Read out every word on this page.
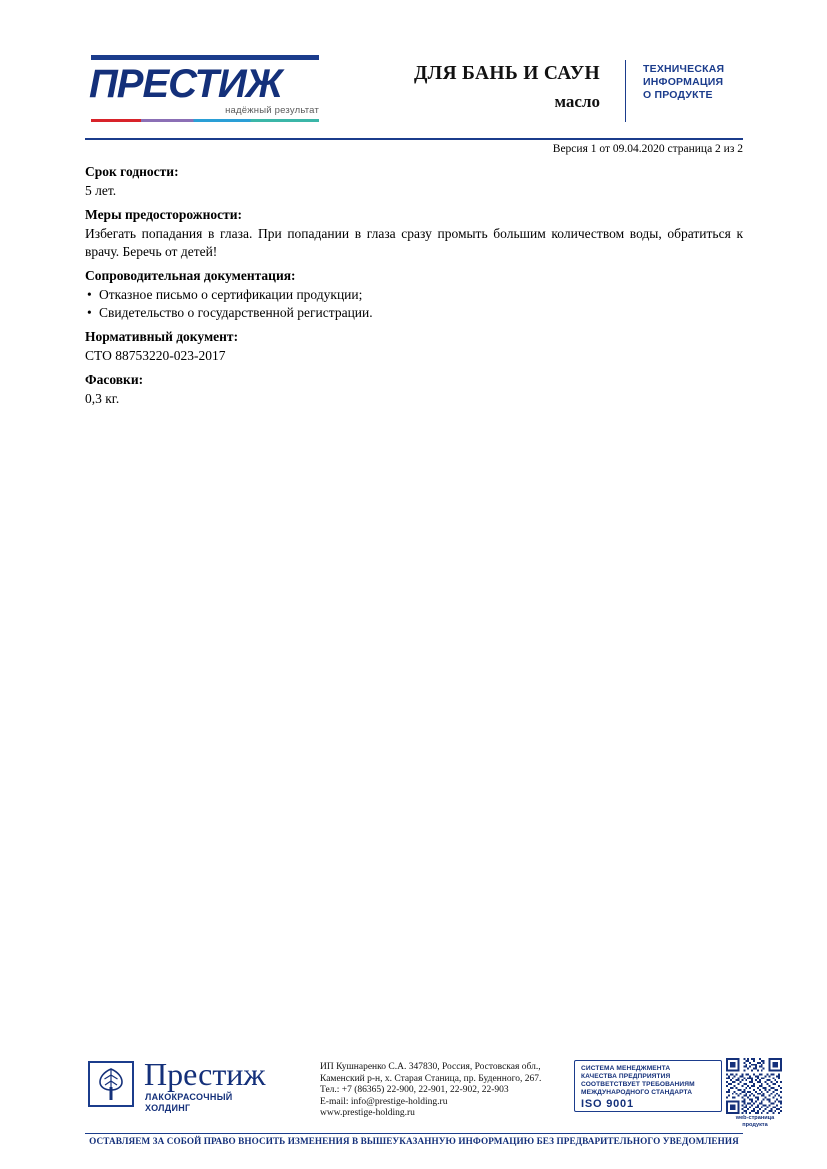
ПРЕСТИЖ
надёжный результат
ДЛЯ БАНЬ И САУН
масло
ТЕХНИЧЕСКАЯ
ИНФОРМАЦИЯ
О ПРОДУКТЕ
Версия 1 от 09.04.2020 страница 2 из 2
Срок годности:
5 лет.
Меры предосторожности:
Избегать попадания в глаза. При попадании в глаза сразу промыть большим количеством воды, обратиться к врачу. Беречь от детей!
Сопроводительная документация:
• Отказное письмо о сертификации продукции;
• Свидетельство о государственной регистрации.
Нормативный документ:
СТО 88753220-023-2017
Фасовки:
0,3 кг.
Престиж
ЛАКОКРАСОЧНЫЙ
ХОЛДИНГ
ИП Кушнаренко С.А. 347830, Россия, Ростовская обл.,
Каменский р-н, х. Старая Станица, пр. Буденного, 267.
Тел.: +7 (86365) 22-900, 22-901, 22-902, 22-903
E-mail: info@prestige-holding.ru
www.prestige-holding.ru
СИСТЕМА МЕНЕДЖМЕНТА
КАЧЕСТВА ПРЕДПРИЯТИЯ
СООТВЕТСТВУЕТ ТРЕБОВАНИЯМ
МЕЖДУНАРОДНОГО СТАНДАРТА
ISO 9001
web-страница
продукта
ОСТАВЛЯЕМ ЗА СОБОЙ ПРАВО ВНОСИТЬ ИЗМЕНЕНИЯ В ВЫШЕУКАЗАННУЮ ИНФОРМАЦИЮ БЕЗ ПРЕДВАРИТЕЛЬНОГО УВЕДОМЛЕНИЯ
